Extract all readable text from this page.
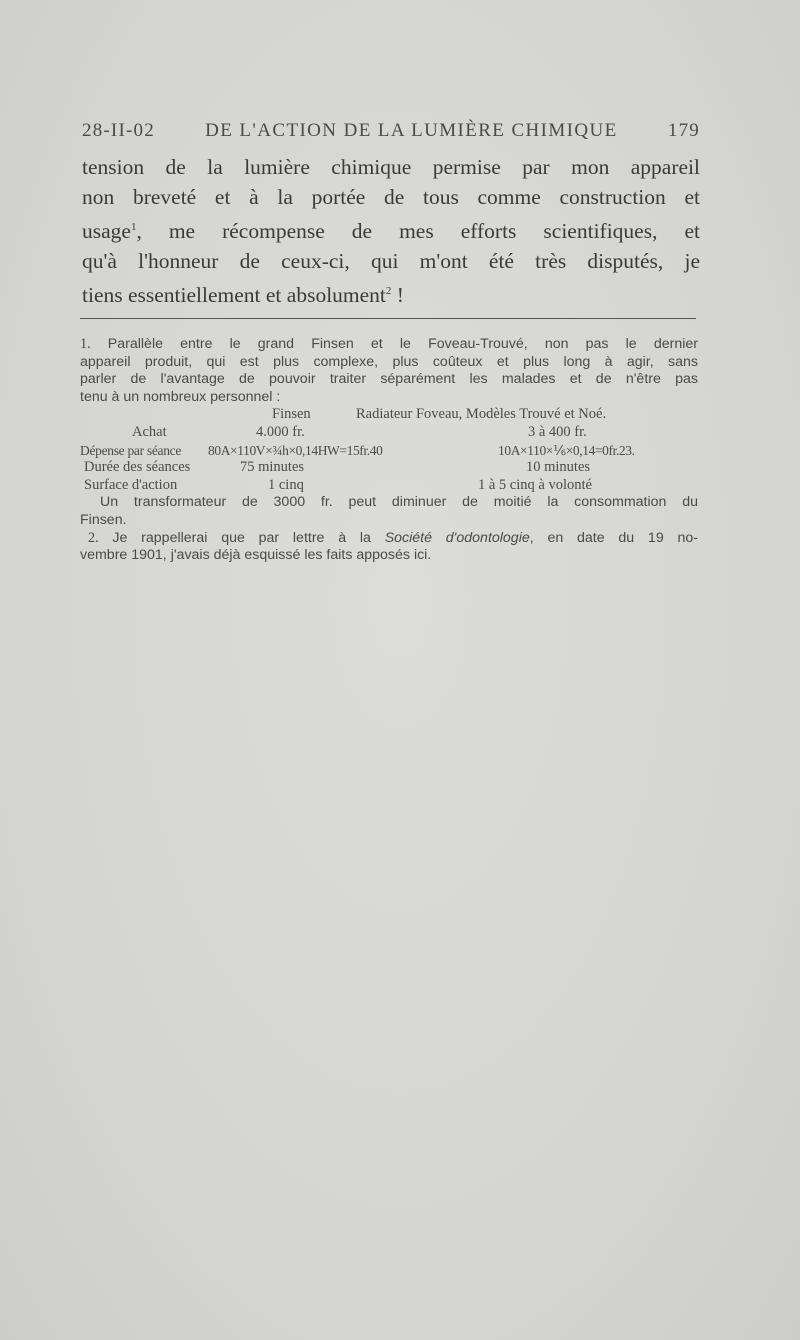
28-II-02	DE L'ACTION DE LA LUMIÈRE CHIMIQUE	179
tension de la lumière chimique permise par mon appareil
non breveté et à la portée de tous comme construction et
usage$^1$, me récompense de mes efforts scientifiques, et
qu'à l'honneur de ceux-ci, qui m'ont été très disputés, je
tiens essentiellement et absolument$^2$ !
1. Parallèle entre le grand Finsen et le Foveau-Trouvé, non pas le dernier
appareil produit, qui est plus complexe, plus coûteux et plus long à agir, sans
parler de l'avantage de pouvoir traiter séparément les malades et de n'être pas
tenu à un nombreux personnel :
Finsen	Radiateur Foveau, Modèles Trouvé et Noé.
Achat	4.000 fr.	3 à 400 fr.
Dépense par séance 80A×110V×¾h×0,14HW=15fr.40	10A×110×⅙×0,14=0fr.23.
Durée des séances	75 minutes	10 minutes
Surface d'action	1 cinq	1 à 5 cinq à volonté
Un transformateur de 3000 fr. peut diminuer de moitié la consommation du
Finsen.
2. Je rappellerai que par lettre à la Société d'odontologie, en date du 19 no-
vembre 1901, j'avais déjà esquissé les faits apposés ici.
